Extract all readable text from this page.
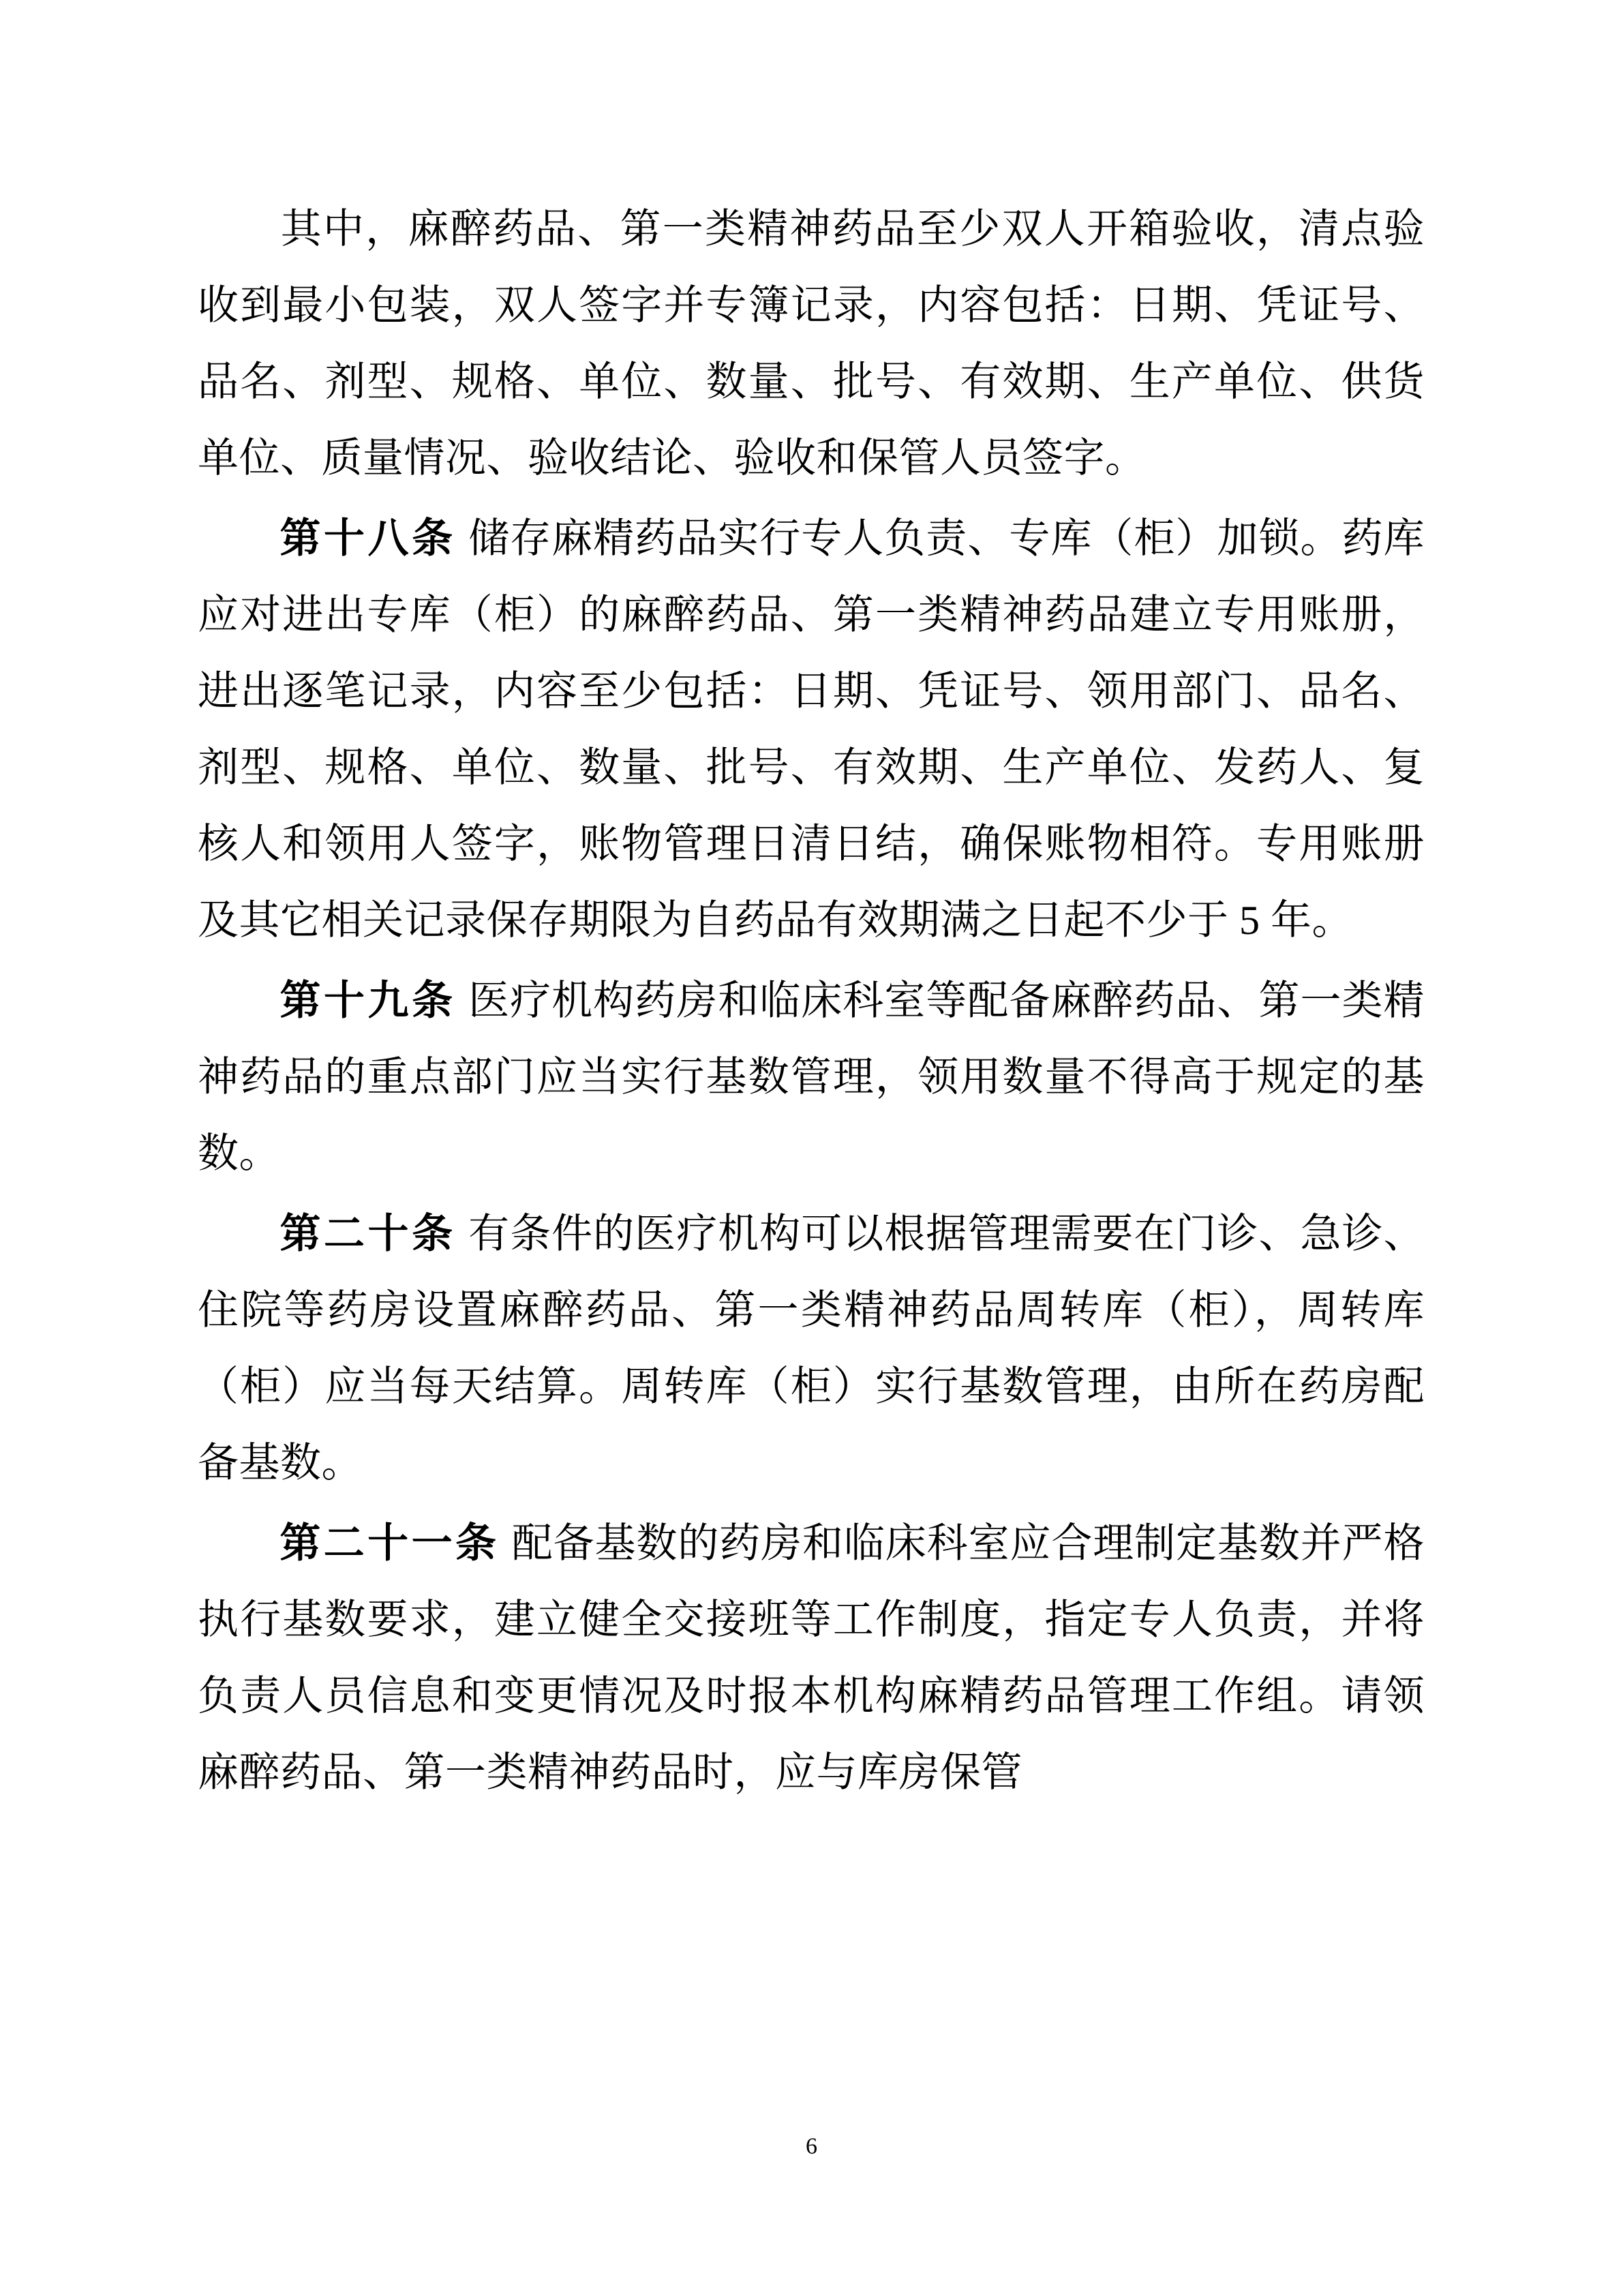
其中，麻醉药品、第一类精神药品至少双人开箱验收，清点验收到最小包装，双人签字并专簿记录，内容包括：日期、凭证号、品名、剂型、规格、单位、数量、批号、有效期、生产单位、供货单位、质量情况、验收结论、验收和保管人员签字。

第十八条 储存麻精药品实行专人负责、专库（柜）加锁。药库应对进出专库（柜）的麻醉药品、第一类精神药品建立专用账册，进出逐笔记录，内容至少包括：日期、凭证号、领用部门、品名、剂型、规格、单位、数量、批号、有效期、生产单位、发药人、复核人和领用人签字，账物管理日清日结，确保账物相符。专用账册及其它相关记录保存期限为自药品有效期满之日起不少于 5 年。

第十九条 医疗机构药房和临床科室等配备麻醉药品、第一类精神药品的重点部门应当实行基数管理，领用数量不得高于规定的基数。

第二十条 有条件的医疗机构可以根据管理需要在门诊、急诊、住院等药房设置麻醉药品、第一类精神药品周转库（柜），周转库（柜）应当每天结算。周转库（柜）实行基数管理，由所在药房配备基数。

第二十一条 配备基数的药房和临床科室应合理制定基数并严格执行基数要求，建立健全交接班等工作制度，指定专人负责，并将负责人员信息和变更情况及时报本机构麻精药品管理工作组。请领麻醉药品、第一类精神药品时，应与库房保管

6
